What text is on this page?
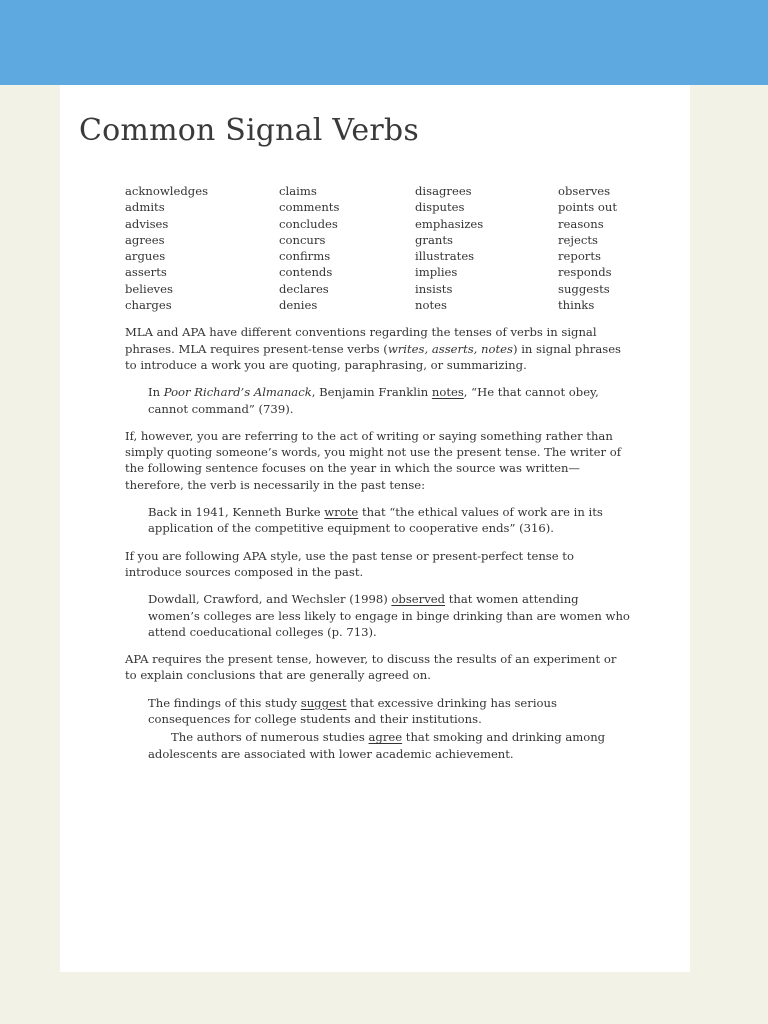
Common Signal Verbs
acknowledges
admits
advises
agrees
argues
asserts
believes
charges
claims
comments
concludes
concurs
confirms
contends
declares
denies
disagrees
disputes
emphasizes
grants
illustrates
implies
insists
notes
observes
points out
reasons
rejects
reports
responds
suggests
thinks

MLA and APA have different conventions regarding the tenses of verbs in signal phrases. MLA requires present-tense verbs (writes, asserts, notes) in signal phrases to introduce a work you are quoting, paraphrasing, or summarizing.

In Poor Richard’s Almanack, Benjamin Franklin notes, “He that cannot obey, cannot command” (739).

If, however, you are referring to the act of writing or saying something rather than simply quoting someone’s words, you might not use the present tense. The writer of the following sentence focuses on the year in which the source was written—therefore, the verb is necessarily in the past tense:

Back in 1941, Kenneth Burke wrote that “the ethical values of work are in its application of the competitive equipment to cooperative ends” (316).

If you are following APA style, use the past tense or present-perfect tense to introduce sources composed in the past.

Dowdall, Crawford, and Wechsler (1998) observed that women attending women’s colleges are less likely to engage in binge drinking than are women who attend coeducational colleges (p. 713).

APA requires the present tense, however, to discuss the results of an experiment or to explain conclusions that are generally agreed on.

The findings of this study suggest that excessive drinking has serious consequences for college students and their institutions.

The authors of numerous studies agree that smoking and drinking among adolescents are associated with lower academic achievement.
